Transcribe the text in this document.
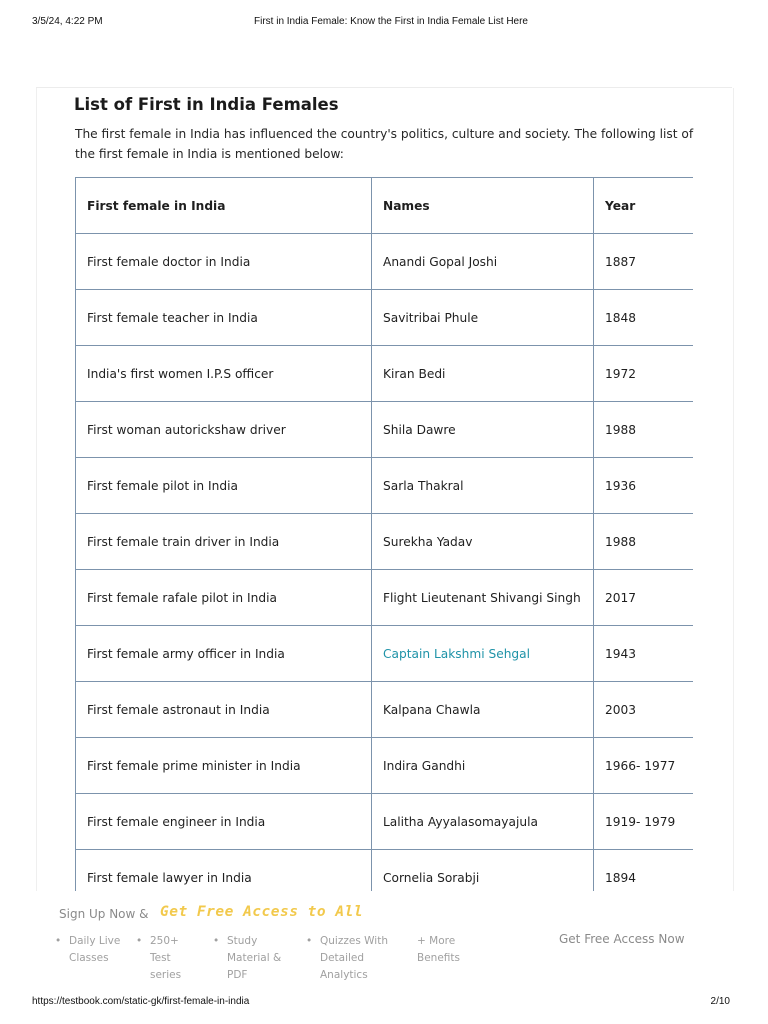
3/5/24, 4:22 PM	First in India Female: Know the First in India Female List Here
List of First in India Females

The first female in India has influenced the country's politics, culture and society. The following list of the first female in India is mentioned below:

First female in India	Names	Year
First female doctor in India	Anandi Gopal Joshi	1887
First female teacher in India	Savitribai Phule	1848
India's first women I.P.S officer	Kiran Bedi	1972
First woman autorickshaw driver	Shila Dawre	1988
First female pilot in India	Sarla Thakral	1936
First female train driver in India	Surekha Yadav	1988
First female rafale pilot in India	Flight Lieutenant Shivangi Singh	2017
First female army officer in India	Captain Lakshmi Sehgal	1943
First female astronaut in India	Kalpana Chawla	2003
First female prime minister in India	Indira Gandhi	1966- 1977
First female engineer in India	Lalitha Ayyalasomayajula	1919- 1979
First female lawyer in India	Cornelia Sorabji	1894
Sign Up Now & Get Free Access to All
• Daily Live
Classes
• 250+
Test
series
• Study
Material &
PDF
• Quizzes With
Detailed
Analytics
+ More
Benefits
Get Free Access Now
https://testbook.com/static-gk/first-female-in-india	2/10
